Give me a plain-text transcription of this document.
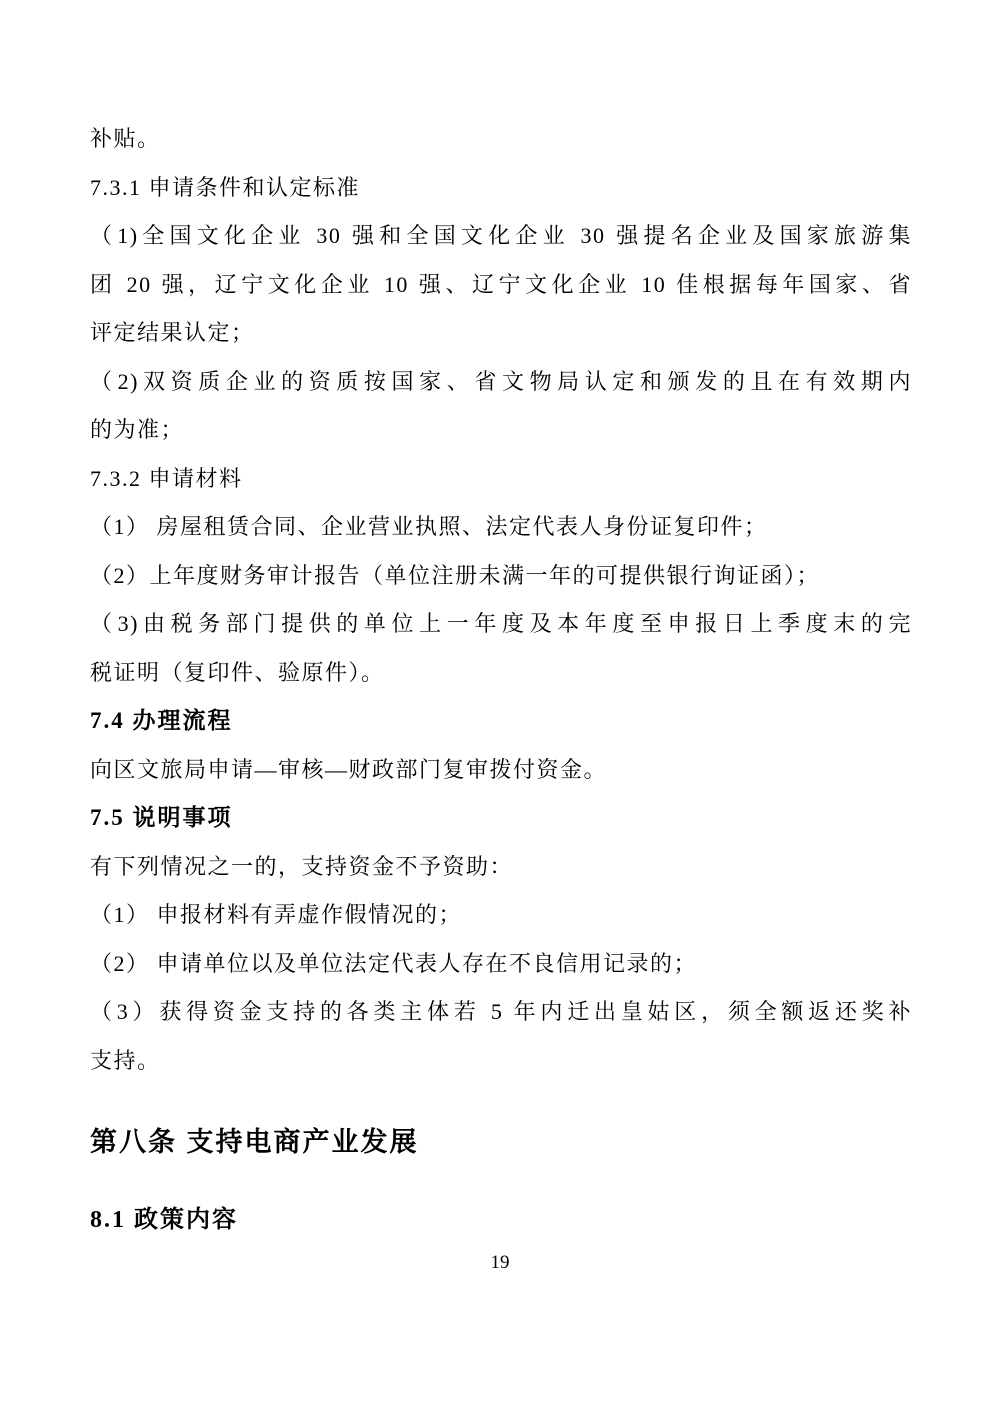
补贴。
7.3.1 申请条件和认定标准
（1)全国文化企业 30 强和全国文化企业 30 强提名企业及国家旅游集
团 20 强，辽宁文化企业 10 强、辽宁文化企业 10 佳根据每年国家、省
评定结果认定；
（2)双资质企业的资质按国家、省文物局认定和颁发的且在有效期内
的为准；
7.3.2 申请材料
（1） 房屋租赁合同、企业营业执照、法定代表人身份证复印件；
（2）上年度财务审计报告（单位注册未满一年的可提供银行询证函）；
（3)由税务部门提供的单位上一年度及本年度至申报日上季度末的完
税证明（复印件、验原件）。
7.4 办理流程
向区文旅局申请—审核—财政部门复审拨付资金。
7.5 说明事项
有下列情况之一的，支持资金不予资助：
（1） 申报材料有弄虚作假情况的；
（2） 申请单位以及单位法定代表人存在不良信用记录的；
（3）获得资金支持的各类主体若 5 年内迁出皇姑区，须全额返还奖补
支持。
第八条 支持电商产业发展
8.1 政策内容
19
